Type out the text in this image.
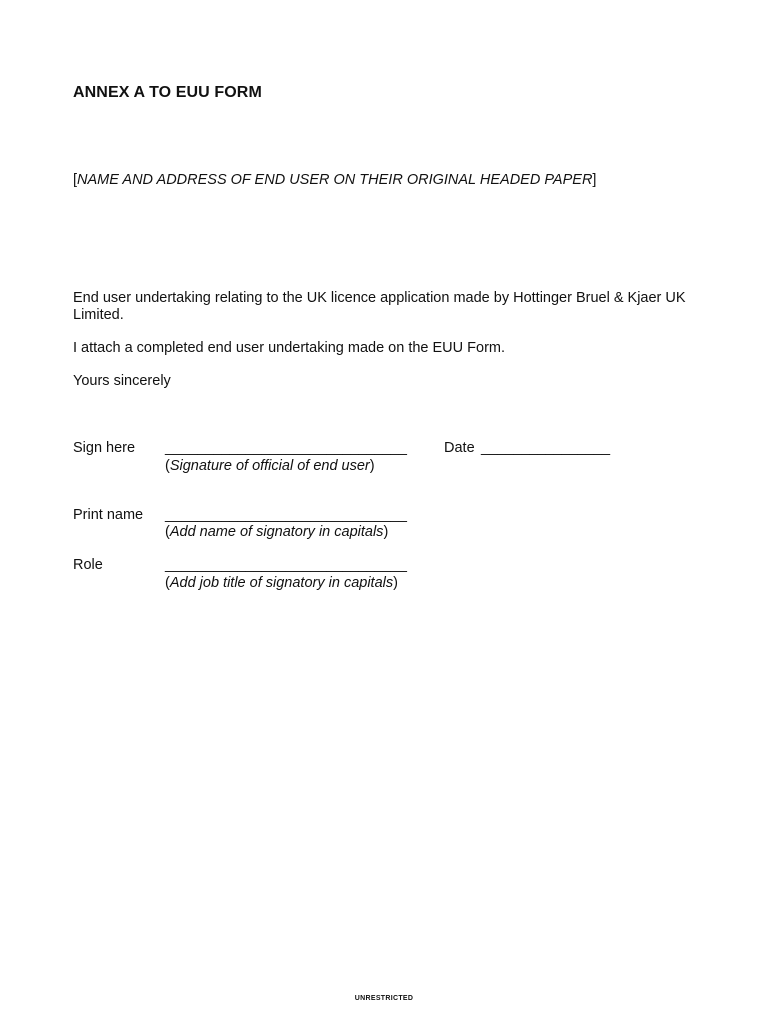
ANNEX A TO EUU FORM
[NAME AND ADDRESS OF END USER ON THEIR ORIGINAL HEADED PAPER]
End user undertaking relating to the UK licence application made by Hottinger Bruel & Kjaer UK Limited.
I attach a completed end user undertaking made on the EUU Form.
Yours sincerely
Sign here ______________________________	Date ________________
(Signature of official of end user)
Print name ______________________________
(Add name of signatory in capitals)
Role	______________________________
(Add job title of signatory in capitals)
UNRESTRICTED
